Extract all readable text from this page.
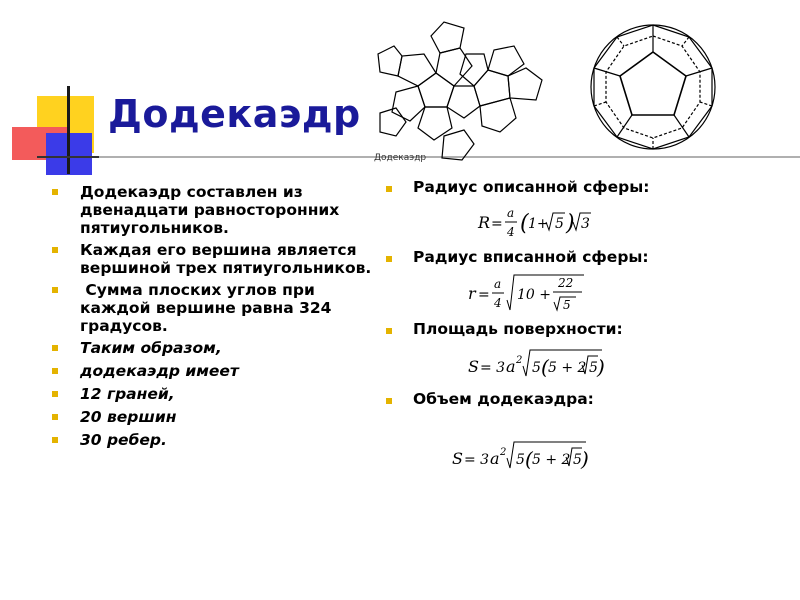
Додекаэдр
Додекаэдр
Додекаэдр составлен из двенадцати равносторонних пятиугольников.
Каждая его вершина является вершиной трех пятиугольников.
Сумма плоских углов при каждой вершине равна 324 градусов.
Таким образом,
додекаэдр имеет
12 граней,
20 вершин
30 ребер.
Радиус описанной сферы:
R =
a
4 ( 1+ 5 ) 3
Радиус вписанной сферы:
r =
a
4 10 +
22
5
Площадь поверхности:
S = 3 a 2 5 ( 5 + 2 5 )
Объем додекаэдра:
S = 3 a 2 5 ( 5 + 2 5 )
